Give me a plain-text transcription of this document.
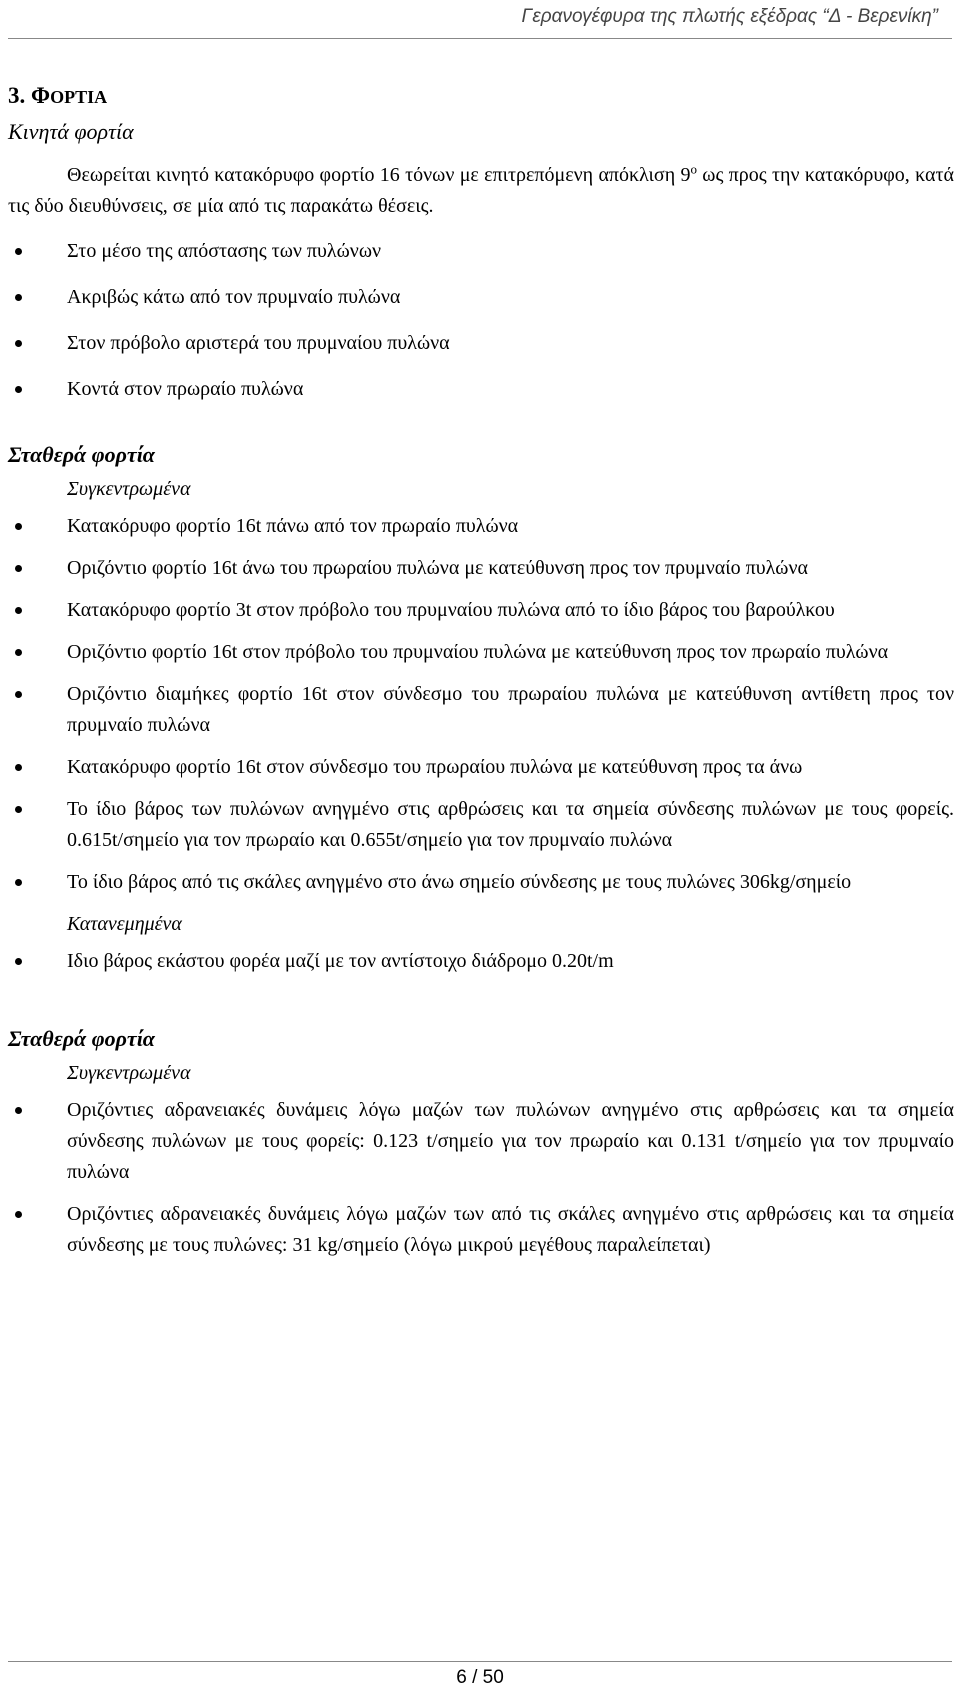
Γερανογέφυρα της πλωτής εξέδρας “Δ - Βερενίκη”
3. ΦΟΡΤΙΑ

Κινητά φορτία

Θεωρείται κινητό κατακόρυφο φορτίο 16 τόνων με επιτρεπόμενη απόκλιση $9^o$ ως προς την κατακόρυφο, κατά τις δύο διευθύνσεις, σε μία από τις παρακάτω θέσεις.

Στο μέσο της απόστασης των πυλώνων
Ακριβώς κάτω από τον πρυμναίο πυλώνα
Στον πρόβολο αριστερά του πρυμναίου πυλώνα
Κοντά στον πρωραίο πυλώνα

Σταθερά φορτία

Συγκεντρωμένα
Κατακόρυφο φορτίο 16t πάνω από τον πρωραίο πυλώνα
Οριζόντιο φορτίο 16t άνω του πρωραίου πυλώνα με κατεύθυνση προς τον πρυμναίο πυλώνα
Κατακόρυφο φορτίο 3t στον πρόβολο του πρυμναίου πυλώνα από το ίδιο βάρος του βαρούλκου
Οριζόντιο φορτίο 16t στον πρόβολο του πρυμναίου πυλώνα με κατεύθυνση προς τον πρωραίο πυλώνα
Οριζόντιο διαμήκες φορτίο 16t στον σύνδεσμο του πρωραίου πυλώνα με κατεύθυνση αντίθετη προς τον πρυμναίο πυλώνα
Κατακόρυφο φορτίο 16t στον σύνδεσμο του πρωραίου πυλώνα με κατεύθυνση προς τα άνω
Το ίδιο βάρος των πυλώνων ανηγμένο στις αρθρώσεις και τα σημεία σύνδεσης πυλώνων με τους φορείς. 0.615t/σημείο για τον πρωραίο και 0.655t/σημείο για τον πρυμναίο πυλώνα
Το ίδιο βάρος από τις σκάλες ανηγμένο στο άνω σημείο σύνδεσης με τους πυλώνες 306kg/σημείο
Κατανεμημένα
Ιδιο βάρος εκάστου φορέα μαζί με τον αντίστοιχο διάδρομο 0.20t/m

Σταθερά φορτία

Συγκεντρωμένα
Οριζόντιες αδρανειακές δυνάμεις λόγω μαζών των πυλώνων ανηγμένο στις αρθρώσεις και τα σημεία σύνδεσης πυλώνων με τους φορείς: 0.123 t/σημείο για τον πρωραίο και 0.131 t/σημείο για τον πρυμναίο πυλώνα
Οριζόντιες αδρανειακές δυνάμεις λόγω μαζών των από τις σκάλες ανηγμένο στις αρθρώσεις και τα σημεία σύνδεσης με τους πυλώνες: 31 kg/σημείο (λόγω μικρού μεγέθους παραλείπεται)
6 / 50
